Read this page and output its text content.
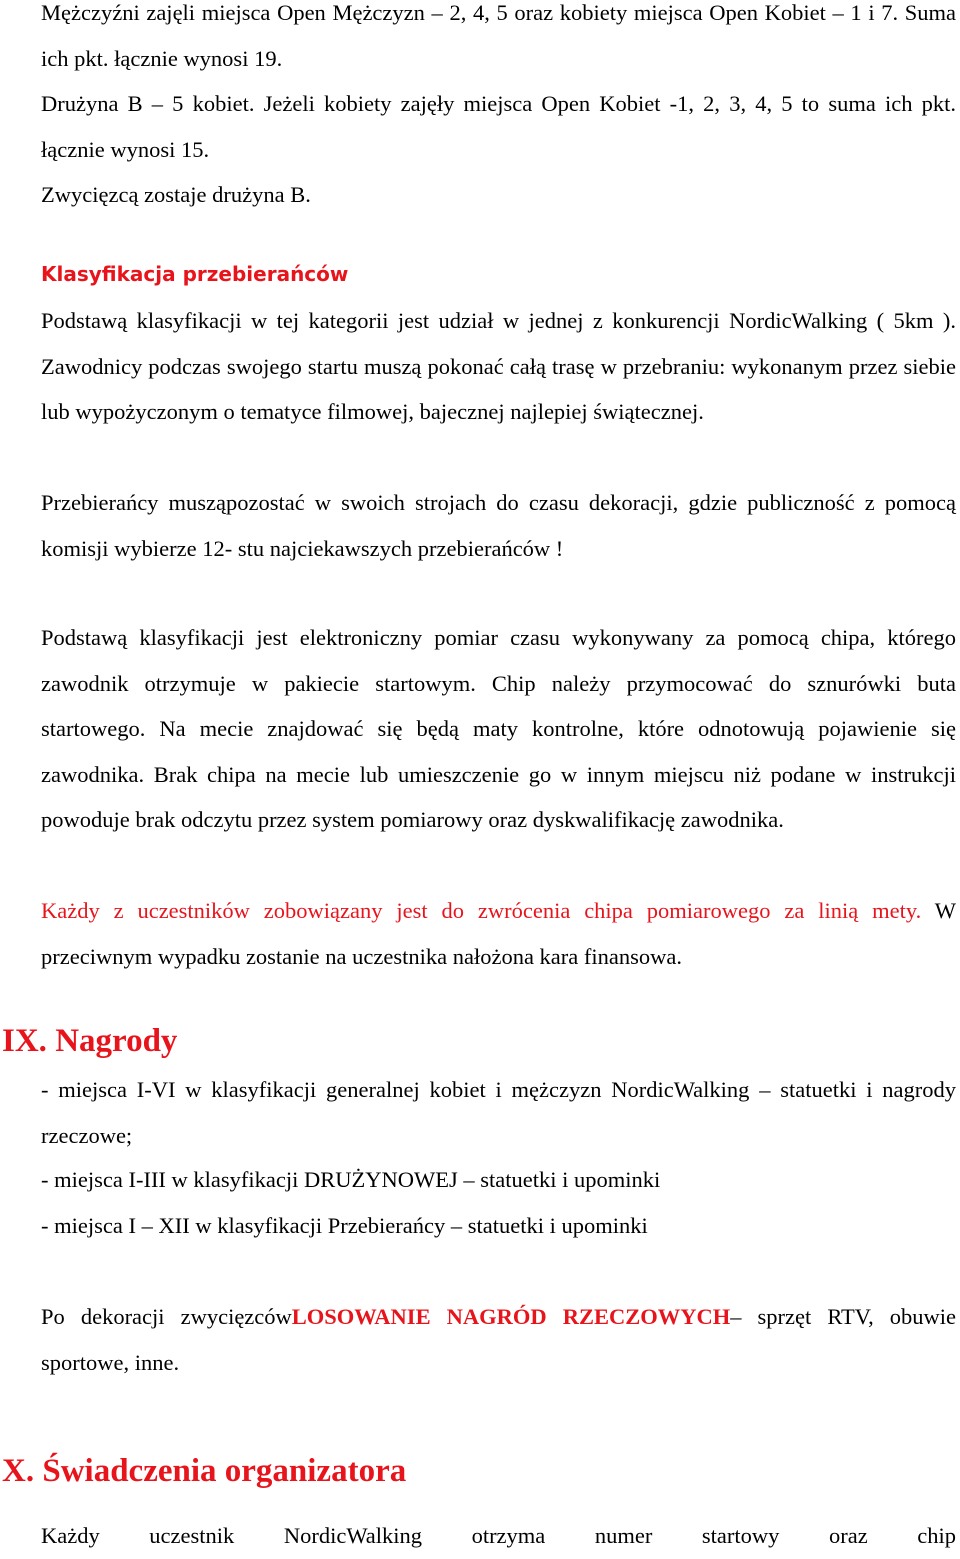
Mężczyźni zajęli miejsca Open Mężczyzn – 2, 4, 5 oraz kobiety miejsca Open Kobiet – 1 i 7. Suma ich pkt. łącznie wynosi 19.

Drużyna B – 5 kobiet. Jeżeli kobiety zajęły miejsca Open Kobiet -1, 2, 3, 4, 5 to suma ich pkt. łącznie wynosi 15.

Zwycięzcą zostaje drużyna B.

Klasyfikacja przebierańców

Podstawą klasyfikacji w tej kategorii jest udział w jednej z konkurencji NordicWalking ( 5km ). Zawodnicy podczas swojego startu muszą pokonać całą trasę w przebraniu: wykonanym przez siebie lub wypożyczonym o tematyce filmowej, bajecznej najlepiej świątecznej.

Przebierańcy musząpozostać w swoich strojach do czasu dekoracji, gdzie publiczność z pomocą komisji wybierze 12- stu najciekawszych przebierańców !

Podstawą klasyfikacji jest elektroniczny pomiar czasu wykonywany za pomocą chipa, którego zawodnik otrzymuje w pakiecie startowym. Chip należy przymocować do sznurówki buta startowego. Na mecie znajdować się będą maty kontrolne, które odnotowują pojawienie się zawodnika. Brak chipa na mecie lub umieszczenie go w innym miejscu niż podane w instrukcji powoduje brak odczytu przez system pomiarowy oraz dyskwalifikację zawodnika.

Każdy z uczestników zobowiązany jest do zwrócenia chipa pomiarowego za linią mety. W przeciwnym wypadku zostanie na uczestnika nałożona kara finansowa.

IX. Nagrody

- miejsca I-VI w klasyfikacji generalnej kobiet i mężczyzn NordicWalking – statuetki i nagrody rzeczowe;

- miejsca I-III w klasyfikacji DRUŻYNOWEJ – statuetki i upominki

- miejsca I – XII w klasyfikacji Przebierańcy – statuetki i upominki

Po dekoracji zwycięzcówLOSOWANIE NAGRÓD RZECZOWYCH– sprzęt RTV, obuwie sportowe, inne.

X. Świadczenia organizatora

Każdy uczestnik NordicWalking otrzyma numer startowy oraz chip
